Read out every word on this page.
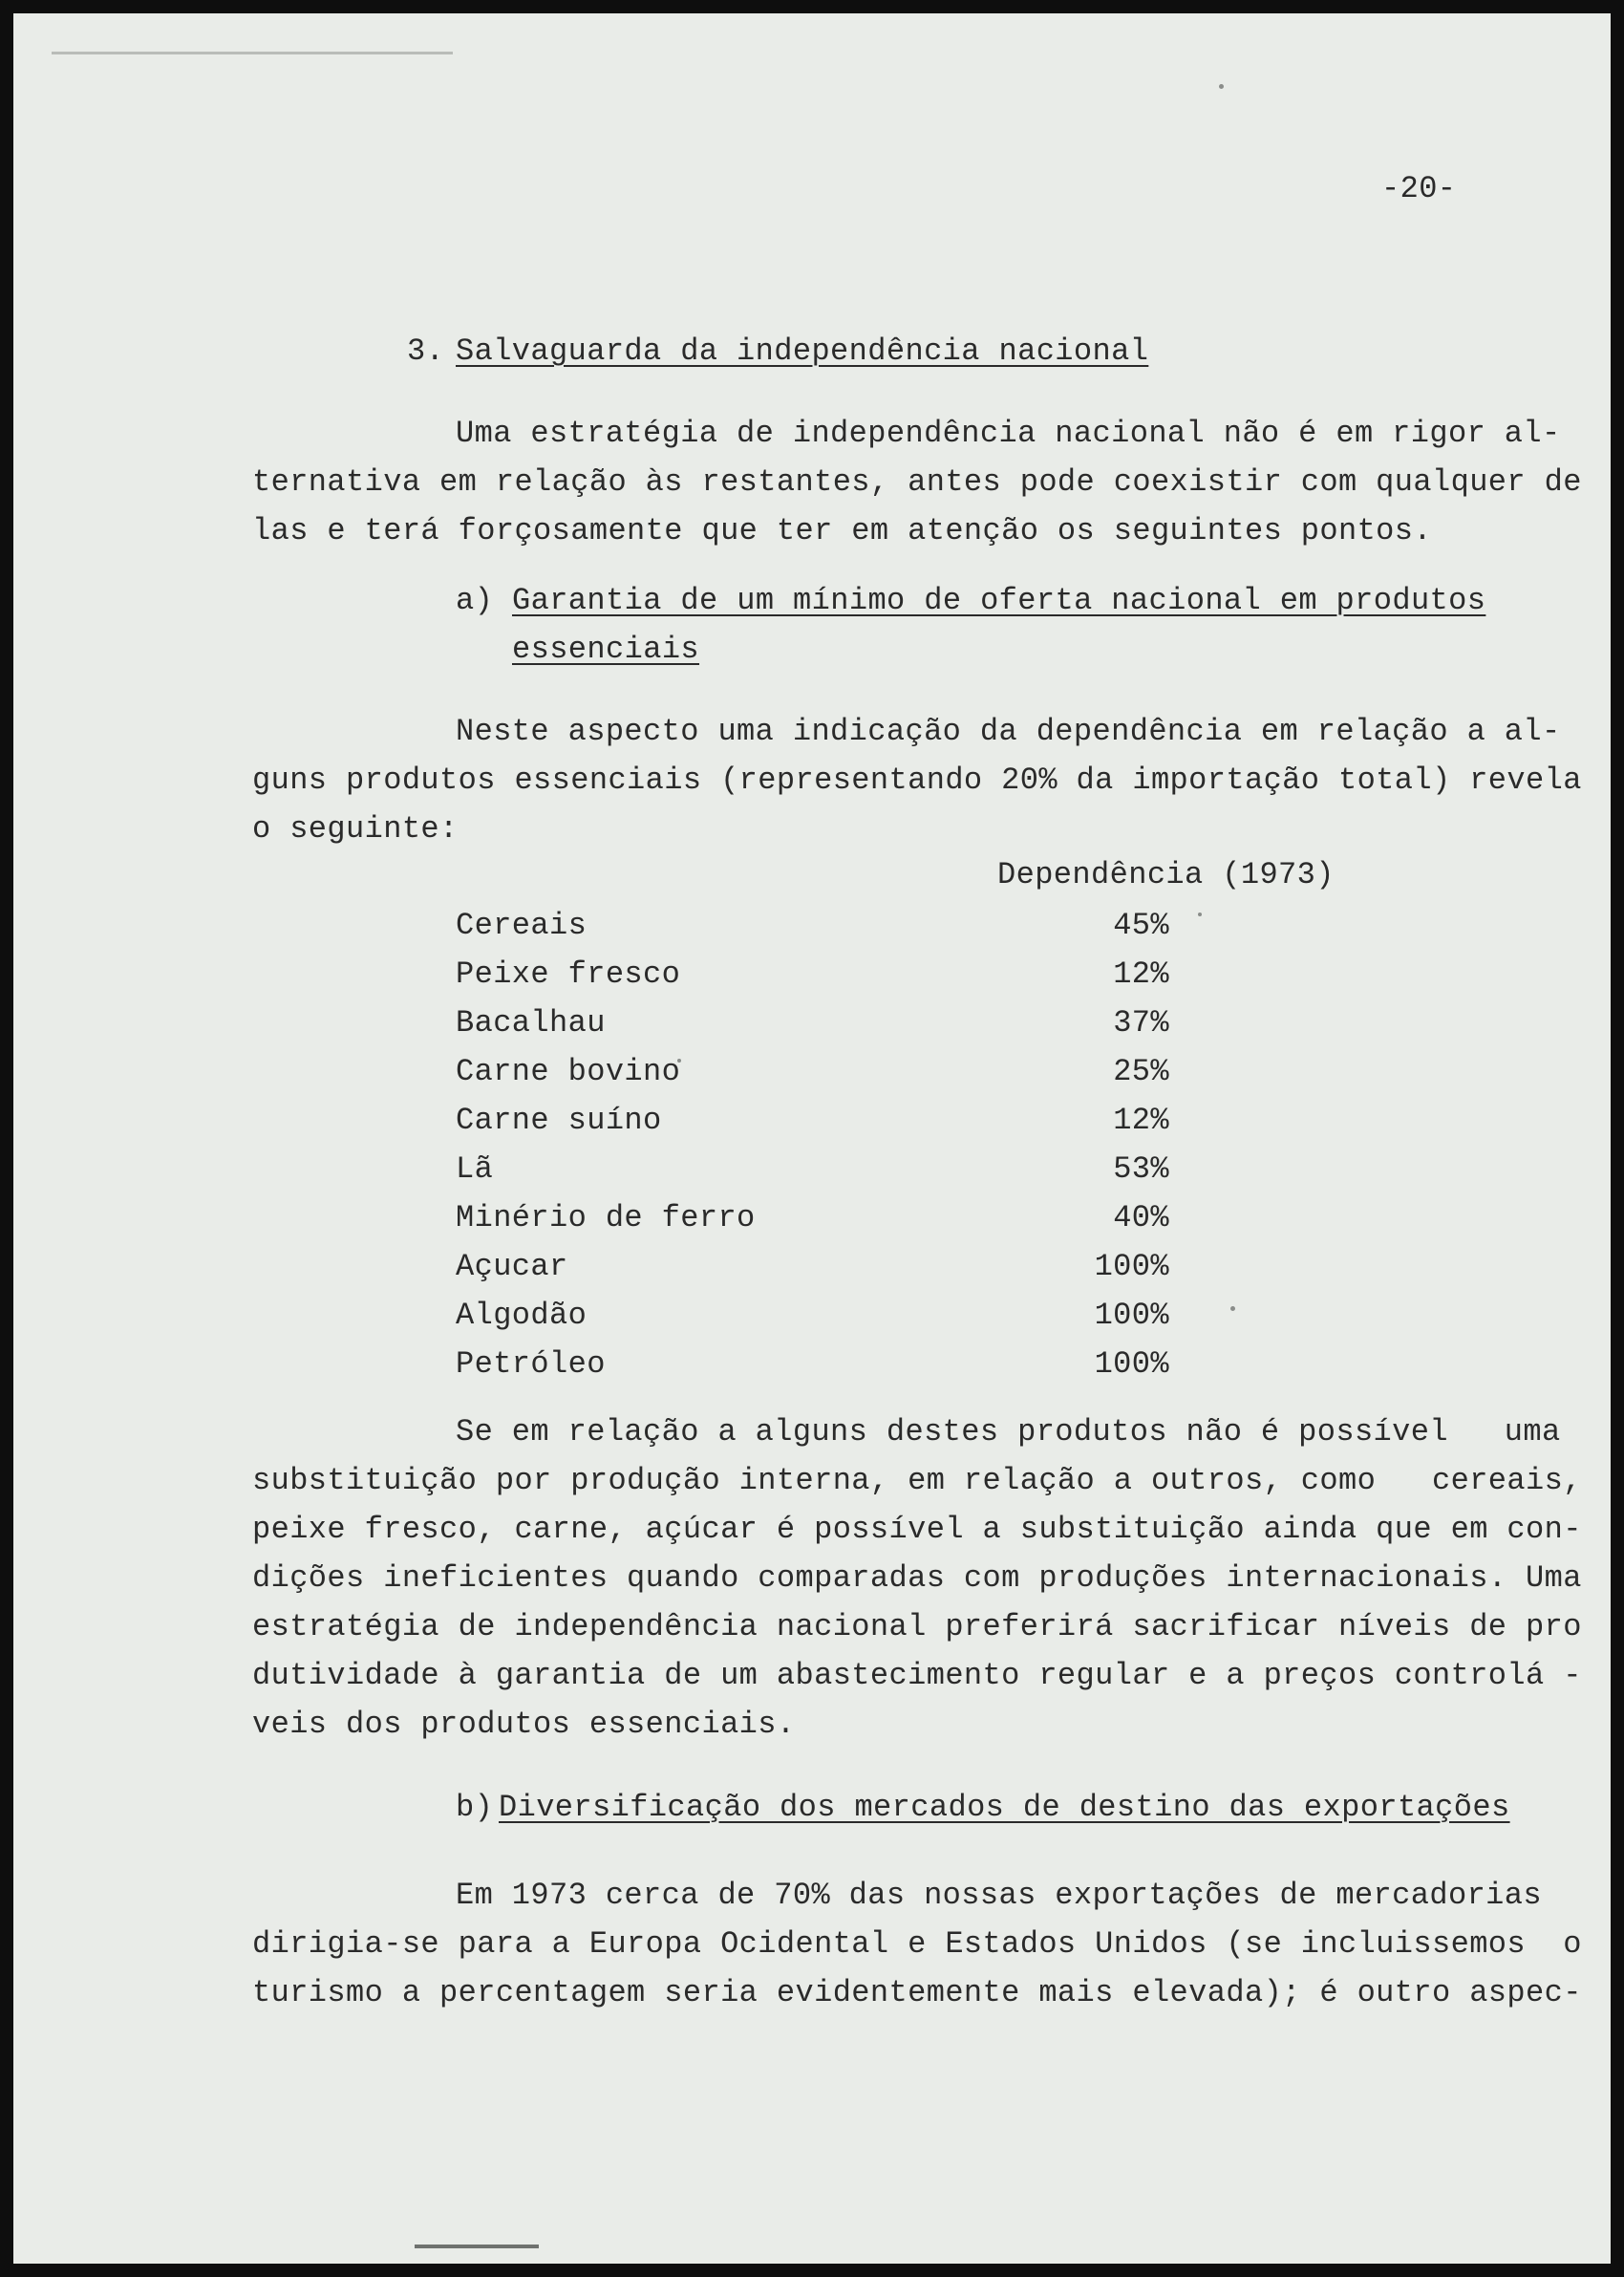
-20-
3. Salvaguarda da independência nacional
Uma estratégia de independência nacional não é em rigor al-
ternativa em relação às restantes, antes pode coexistir com qualquer de
las e terá forçosamente que ter em atenção os seguintes pontos.
a) Garantia de um mínimo de oferta nacional em produtos
essenciais
Neste aspecto uma indicação da dependência em relação a al-
guns produtos essenciais (representando 20% da importação total) revela
o seguinte:
Dependência (1973)
Cereais	45%
Peixe fresco	12%
Bacalhau	37%
Carne bovino	25%
Carne suíno	12%
Lã	53%
Minério de ferro	40%
Açucar	100%
Algodão	100%
Petróleo	100%
Se em relação a alguns destes produtos não é possível   uma
substituição por produção interna, em relação a outros, como   cereais,
peixe fresco, carne, açúcar é possível a substituição ainda que em con-
dições ineficientes quando comparadas com produções internacionais. Uma
estratégia de independência nacional preferirá sacrificar níveis de pro
dutividade à garantia de um abastecimento regular e a preços controlá -
veis dos produtos essenciais.
b) Diversificação dos mercados de destino das exportações
Em 1973 cerca de 70% das nossas exportações de mercadorias
dirigia-se para a Europa Ocidental e Estados Unidos (se incluissemos  o
turismo a percentagem seria evidentemente mais elevada); é outro aspec-
